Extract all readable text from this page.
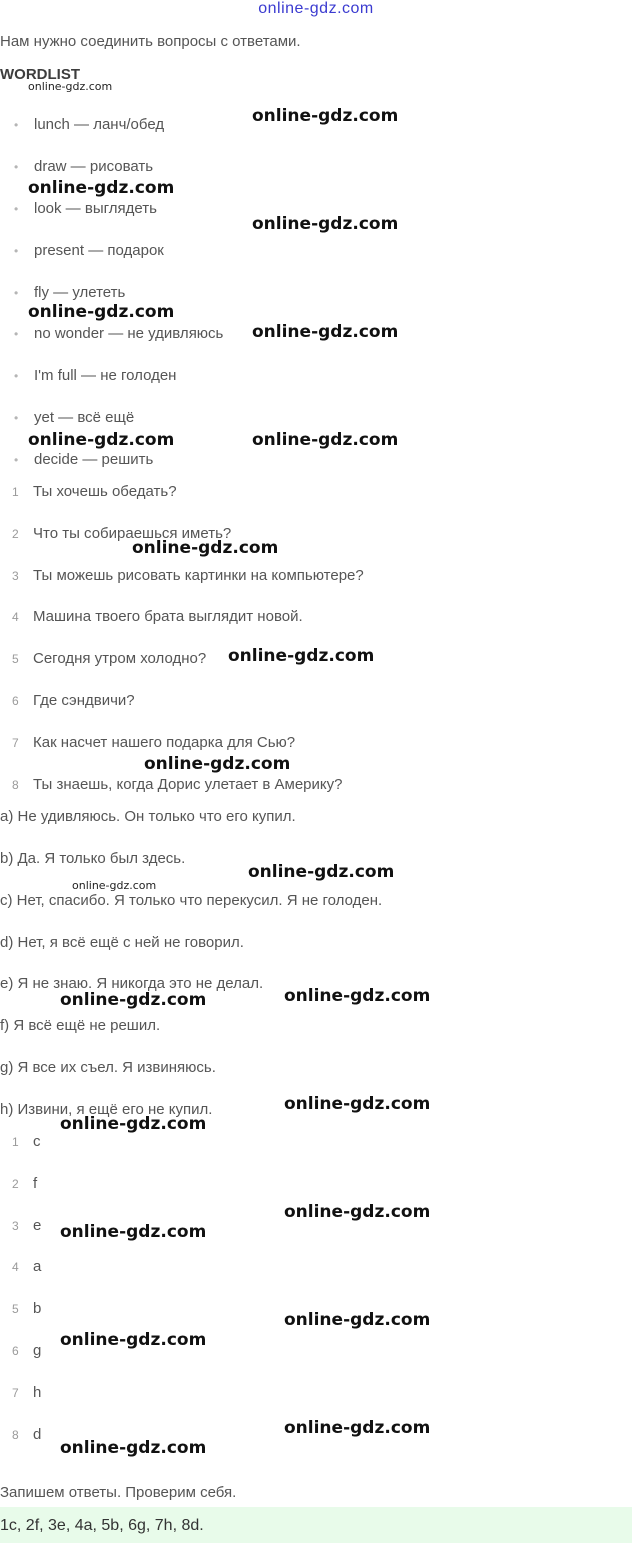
online-gdz.com
Нам нужно соединить вопросы с ответами.
WORDLIST
• lunch — ланч/обед
• draw — рисовать
• look — выглядеть
• present — подарок
• fly — улететь
• no wonder — не удивляюсь
• I'm full — не голоден
• yet — всё ещё
• decide — решить
1 Ты хочешь обедать?
2 Что ты собираешься иметь?
3 Ты можешь рисовать картинки на компьютере?
4 Машина твоего брата выглядит новой.
5 Сегодня утром холодно?
6 Где сэндвичи?
7 Как насчет нашего подарка для Сью?
8 Ты знаешь, когда Дорис улетает в Америку?
a) Не удивляюсь. Он только что его купил.
b) Да. Я только был здесь.
c) Нет, спасибо. Я только что перекусил. Я не голоден.
d) Нет, я всё ещё с ней не говорил.
e) Я не знаю. Я никогда это не делал.
f) Я всё ещё не решил.
g) Я все их съел. Я извиняюсь.
h) Извини, я ещё его не купил.
1 c
2 f
3 e
4 a
5 b
6 g
7 h
8 d
Запишем ответы. Проверим себя.
1c, 2f, 3e, 4a, 5b, 6g, 7h, 8d.
online-gdz.com
online-gdz.com
online-gdz.com
online-gdz.com
online-gdz.com
online-gdz.com
online-gdz.com	online-gdz.com
online-gdz.com
online-gdz.com
online-gdz.com
online-gdz.com
online-gdz.com
online-gdz.com
online-gdz.com
online-gdz.com
online-gdz.com
online-gdz.com
online-gdz.com
online-gdz.com
online-gdz.com
online-gdz.com
online-gdz.com
